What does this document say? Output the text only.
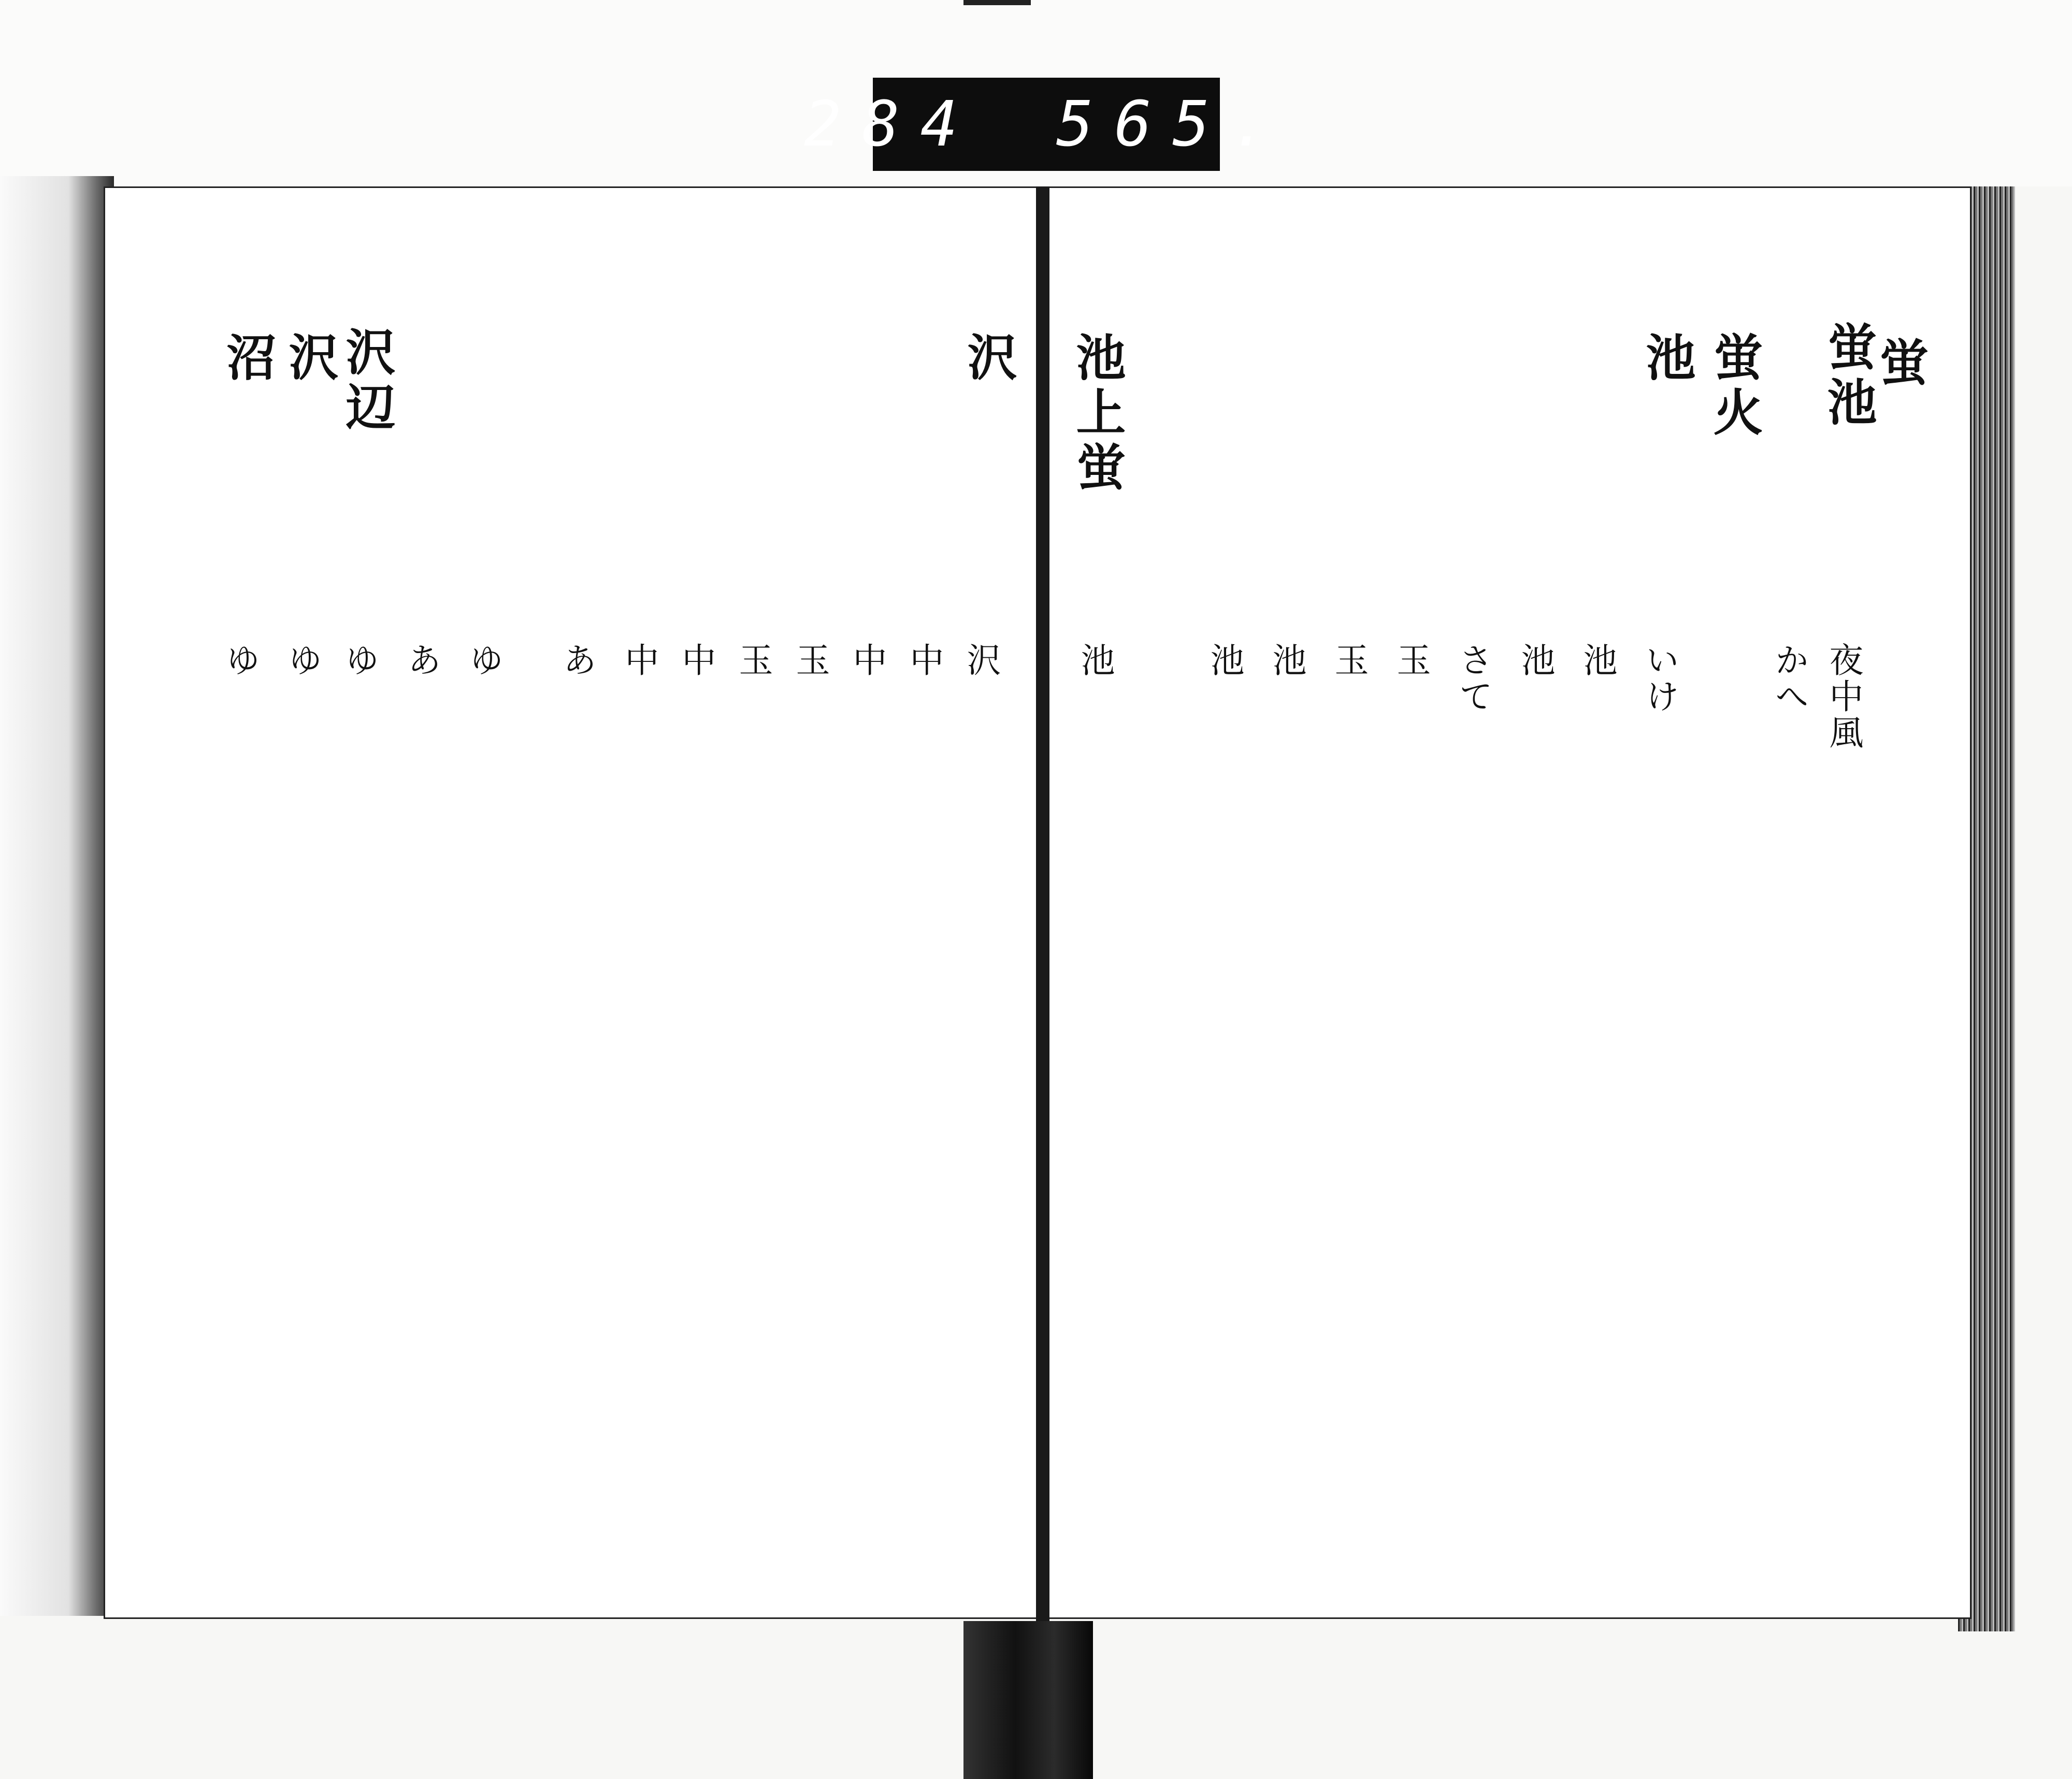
284 565.
蛍
蛍池
蛍火
池
池上蛍
夜中風
かへ
いけ
池
池
さて
玉
玉
池
池
池
沢
沢辺
沢
沼
沢
中
中
玉
玉
中
中
あ
ゆ
あ
ゆ
ゆ
ゆ
